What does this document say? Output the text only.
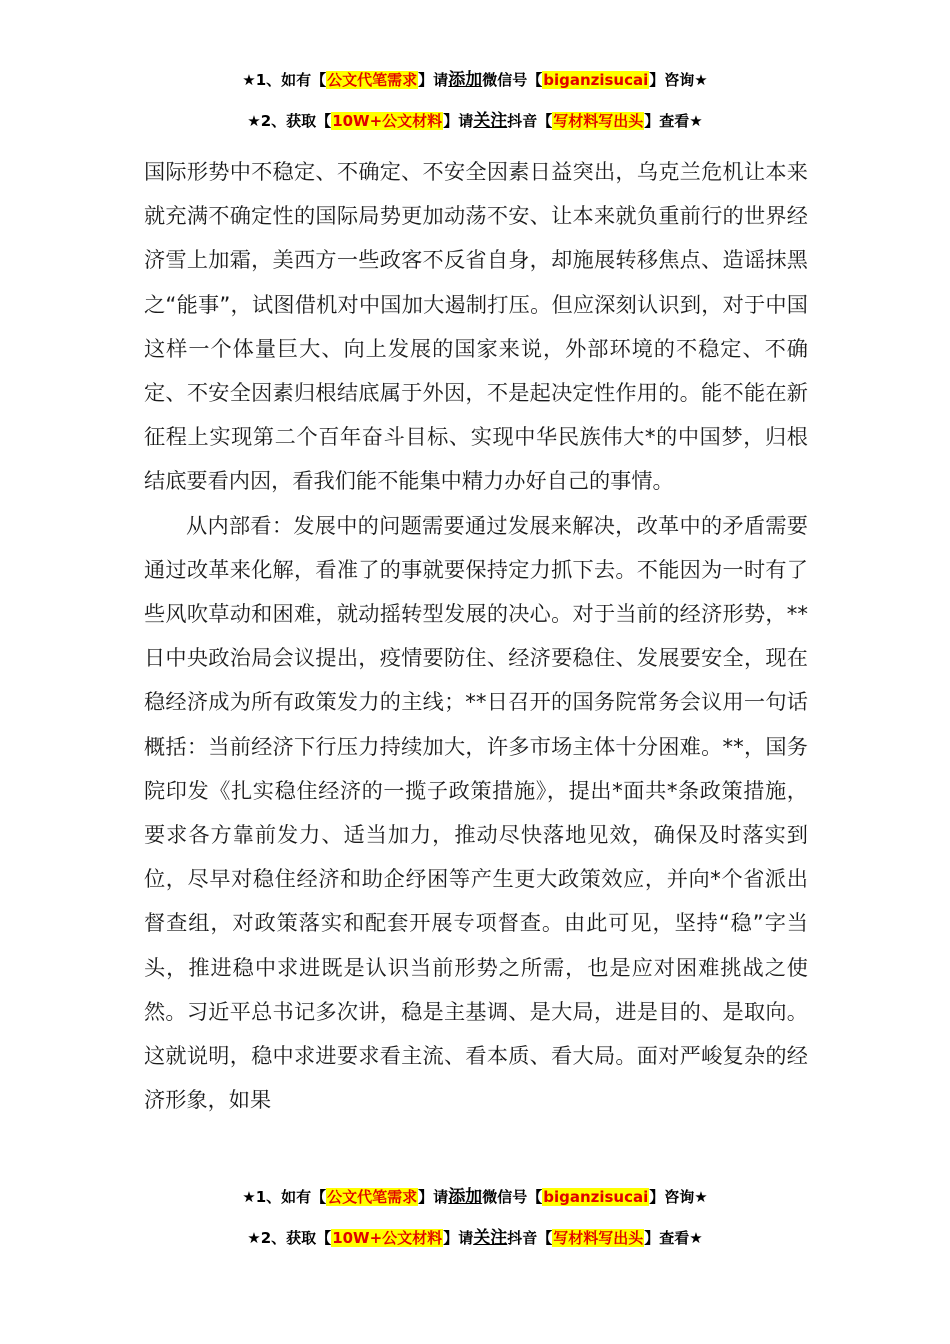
★1、如有【公文代笔需求】请添加微信号【biganzisucai】咨询★
★2、获取【10W+公文材料】请关注抖音【写材料写出头】查看★

国际形势中不稳定、不确定、不安全因素日益突出，乌克兰危机让本来就充满不确定性的国际局势更加动荡不安、让本来就负重前行的世界经济雪上加霜，美西方一些政客不反省自身，却施展转移焦点、造谣抹黑之“能事”，试图借机对中国加大遏制打压。但应深刻认识到，对于中国这样一个体量巨大、向上发展的国家来说，外部环境的不稳定、不确定、不安全因素归根结底属于外因，不是起决定性作用的。能不能在新征程上实现第二个百年奋斗目标、实现中华民族伟大*的中国梦，归根结底要看内因，看我们能不能集中精力办好自己的事情。

从内部看：发展中的问题需要通过发展来解决，改革中的矛盾需要通过改革来化解，看准了的事就要保持定力抓下去。不能因为一时有了些风吹草动和困难，就动摇转型发展的决心。对于当前的经济形势，**日中央政治局会议提出，疫情要防住、经济要稳住、发展要安全，现在稳经济成为所有政策发力的主线；**日召开的国务院常务会议用一句话概括：当前经济下行压力持续加大，许多市场主体十分困难。**，国务院印发《扎实稳住经济的一揽子政策措施》，提出*面共*条政策措施，要求各方靠前发力、适当加力，推动尽快落地见效，确保及时落实到位，尽早对稳住经济和助企纾困等产生更大政策效应，并向*个省派出督查组，对政策落实和配套开展专项督查。由此可见，坚持“稳”字当头，推进稳中求进既是认识当前形势之所需，也是应对困难挑战之使然。习近平总书记多次讲，稳是主基调、是大局，进是目的、是取向。这就说明，稳中求进要求看主流、看本质、看大局。面对严峻复杂的经济形象，如果

★1、如有【公文代笔需求】请添加微信号【biganzisucai】咨询★
★2、获取【10W+公文材料】请关注抖音【写材料写出头】查看★
